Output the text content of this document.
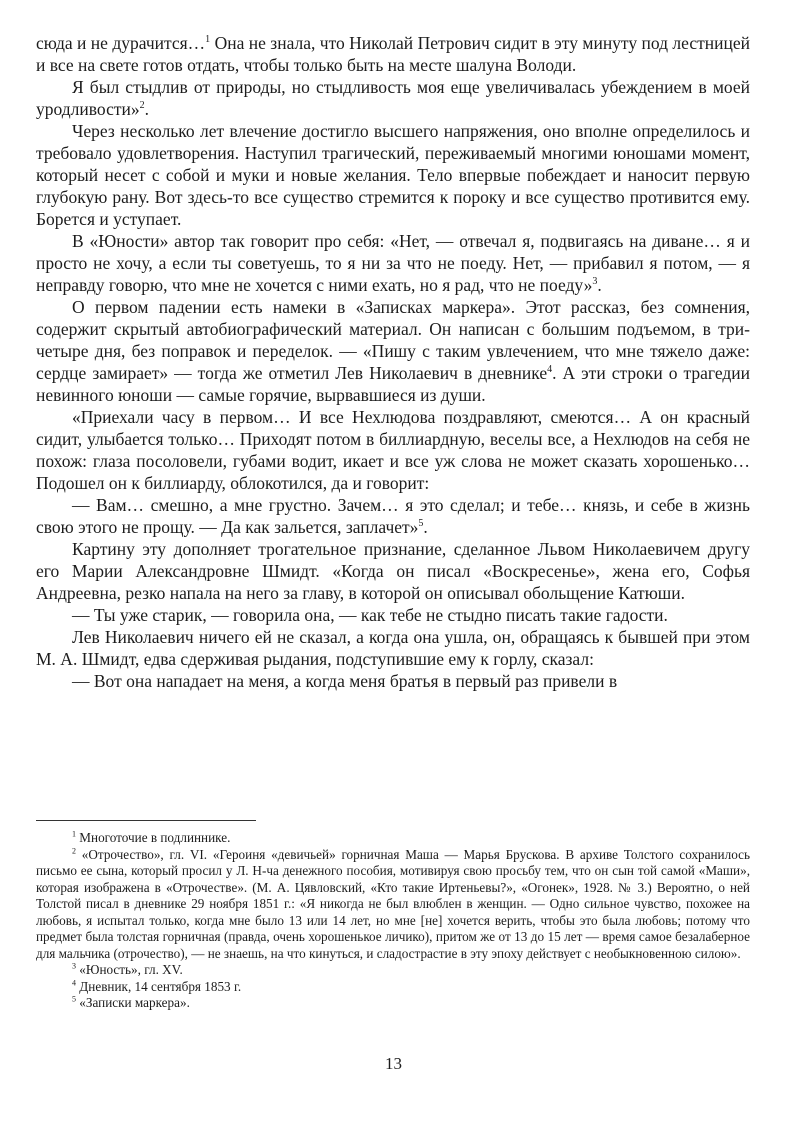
сюда и не дурачится…$^1$ Она не знала, что Николай Петрович сидит в эту минуту под лестницей и все на свете готов отдать, чтобы только быть на месте шалуна Володи.

Я был стыдлив от природы, но стыдливость моя еще увеличивалась убеждением в моей уродливости»$^2$.

Через несколько лет влечение достигло высшего напряжения, оно вполне определилось и требовало удовлетворения. Наступил трагический, переживаемый многими юношами момент, который несет с собой и муки и новые желания. Тело впервые побеждает и наносит первую глубокую рану. Вот здесь-то все существо стремится к пороку и все существо противится ему. Борется и уступает.

В «Юности» автор так говорит про себя: «Нет, — отвечал я, подвигаясь на диване… я и просто не хочу, а если ты советуешь, то я ни за что не поеду. Нет, — прибавил я потом, — я неправду говорю, что мне не хочется с ними ехать, но я рад, что не поеду»$^3$.

О первом падении есть намеки в «Записках маркера». Этот рассказ, без сомнения, содержит скрытый автобиографический материал. Он написан с большим подъемом, в три-четыре дня, без поправок и переделок. — «Пишу с таким увлечением, что мне тяжело даже: сердце замирает» — тогда же отметил Лев Николаевич в дневнике$^4$. А эти строки о трагедии невинного юноши — самые горячие, вырвавшиеся из души.

«Приехали часу в первом… И все Нехлюдова поздравляют, смеются… А он красный сидит, улыбается только… Приходят потом в биллиардную, веселы все, а Нехлюдов на себя не похож: глаза посоловели, губами водит, икает и все уж слова не может сказать хорошенько… Подошел он к биллиарду, облокотился, да и говорит:

— Вам… смешно, а мне грустно. Зачем… я это сделал; и тебе… князь, и себе в жизнь свою этого не прощу. — Да как зальется, заплачет»$^5$.

Картину эту дополняет трогательное признание, сделанное Львом Николаевичем другу его Марии Александровне Шмидт. «Когда он писал «Воскресенье», жена его, Софья Андреевна, резко напала на него за главу, в которой он описывал обольщение Катюши.

— Ты уже старик, — говорила она, — как тебе не стыдно писать такие гадости.

Лев Николаевич ничего ей не сказал, а когда она ушла, он, обращаясь к бывшей при этом М. А. Шмидт, едва сдерживая рыдания, подступившие ему к горлу, сказал:

— Вот она нападает на меня, а когда меня братья в первый раз привели в

$^1$ Многоточие в подлиннике.

$^2$ «Отрочество», гл. VI. «Героиня «девичьей» горничная Маша — Марья Брускова. В архиве Толстого сохранилось письмо ее сына, который просил у Л. Н-ча денежного пособия, мотивируя свою просьбу тем, что он сын той самой «Маши», которая изображена в «Отрочестве». (М. А. Цявловский, «Кто такие Иртеньевы?», «Огонек», 1928. № 3.) Вероятно, о ней Толстой писал в дневнике 29 ноября 1851 г.: «Я никогда не был влюблен в женщин. — Одно сильное чувство, похожее на любовь, я испытал только, когда мне было 13 или 14 лет, но мне [не] хочется верить, чтобы это была любовь; потому что предмет была толстая горничная (правда, очень хорошенькое личико), притом же от 13 до 15 лет — время самое безалаберное для мальчика (отрочество), — не знаешь, на что кинуться, и сладострастие в эту эпоху действует с необыкновенною силою».

$^3$ «Юность», гл. XV.

$^4$ Дневник, 14 сентября 1853 г.

$^5$ «Записки маркера».

13
